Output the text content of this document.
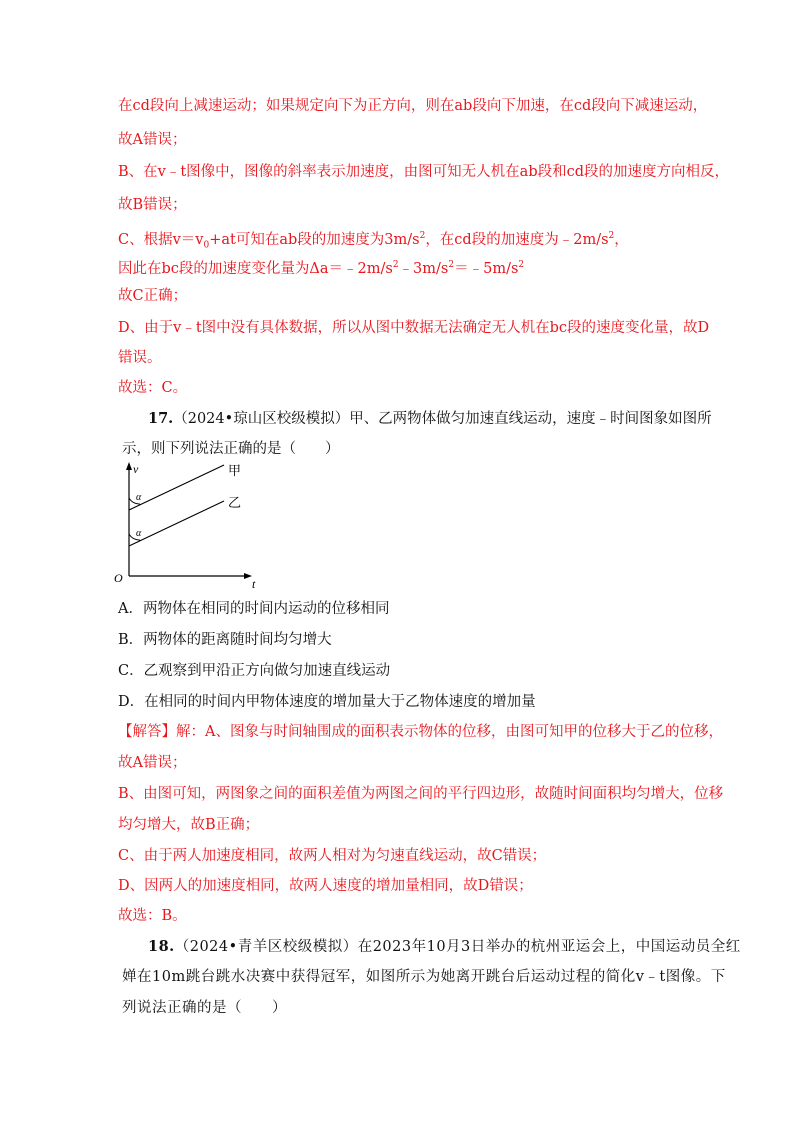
在cd段向上减速运动；如果规定向下为正方向，则在ab段向下加速，在cd段向下减速运动，
故A错误；
B、在v﹣t图像中，图像的斜率表示加速度，由图可知无人机在ab段和cd段的加速度方向相反，
故B错误；
C、根据$v=v_0+at$可知在ab段的加速度为$3m/s^2$，在cd段的加速度为$﹣2m/s^2$，
因此在bc段的加速度变化量为$\Delta a=﹣2m/s^2﹣3m/s^2=﹣5m/s^2$
故C正确；
D、由于v﹣t图中没有具体数据，所以从图中数据无法确定无人机在bc段的速度变化量，故D
错误。
故选：C。
17.（2024•琼山区校级模拟）甲、乙两物体做匀加速直线运动，速度﹣时间图象如图所
示，则下列说法正确的是（　　）
v
t
O
甲
乙
α
α
A．两物体在相同的时间内运动的位移相同
B．两物体的距离随时间均匀增大
C．乙观察到甲沿正方向做匀加速直线运动
D．在相同的时间内甲物体速度的增加量大于乙物体速度的增加量
【解答】解：A、图象与时间轴围成的面积表示物体的位移，由图可知甲的位移大于乙的位移，
故A错误；
B、由图可知，两图象之间的面积差值为两图之间的平行四边形，故随时间面积均匀增大，位移
均匀增大，故B正确；
C、由于两人加速度相同，故两人相对为匀速直线运动，故C错误；
D、因两人的加速度相同，故两人速度的增加量相同，故D错误；
故选：B。
18.（2024•青羊区校级模拟）在2023年10月3日举办的杭州亚运会上，中国运动员全红
婵在10m跳台跳水决赛中获得冠军，如图所示为她离开跳台后运动过程的简化v﹣t图像。下
列说法正确的是（　　）
